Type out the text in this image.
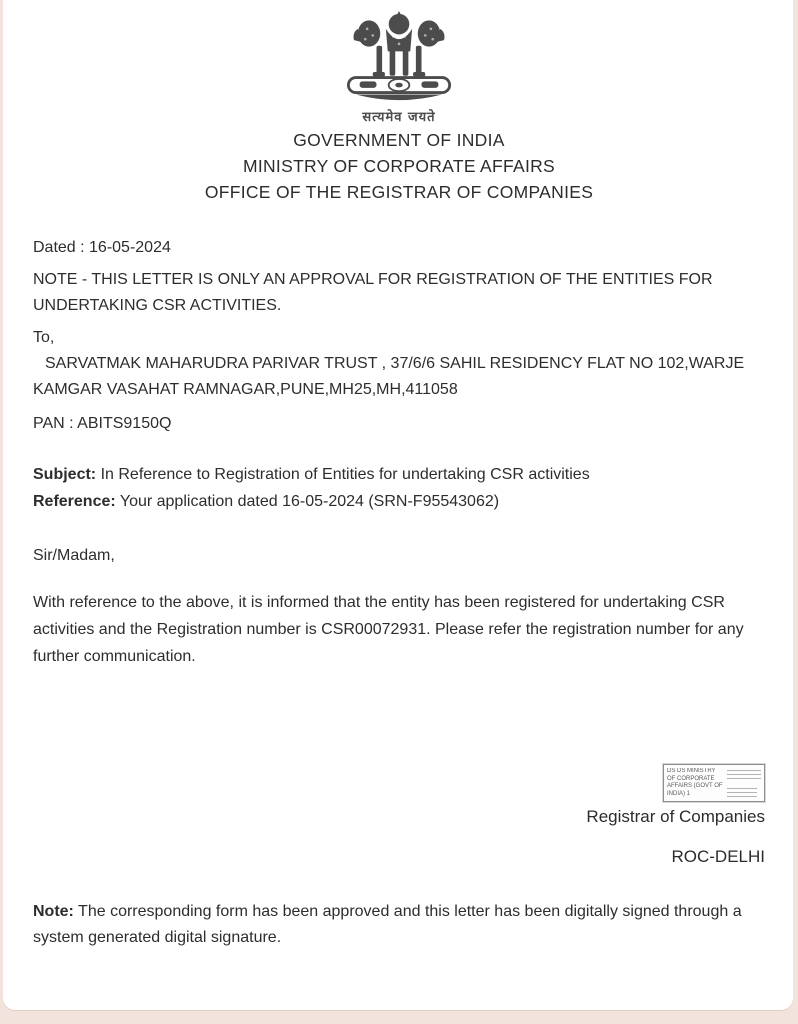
सत्यमेव जयते
GOVERNMENT OF INDIA
MINISTRY OF CORPORATE AFFAIRS
OFFICE OF THE REGISTRAR OF COMPANIES
Dated : 16-05-2024
NOTE - THIS LETTER IS ONLY AN APPROVAL FOR REGISTRATION OF THE ENTITIES FOR UNDERTAKING CSR ACTIVITIES.
To,
SARVATMAK MAHARUDRA PARIVAR TRUST , 37/6/6 SAHIL RESIDENCY FLAT NO 102,WARJE KAMGAR VASAHAT RAMNAGAR,PUNE,MH25,MH,411058
PAN : ABITS9150Q
Subject: In Reference to Registration of Entities for undertaking CSR activities
Reference: Your application dated 16-05-2024 (SRN-F95543062)
Sir/Madam,
With reference to the above, it is informed that the entity has been registered for undertaking CSR activities and the Registration number is CSR00072931. Please refer the registration number for any further communication.
DS DS MINISTRY OF CORPORATE AFFAIRS (GOVT OF INDIA) 1
Registrar of Companies
ROC-DELHI
Note: The corresponding form has been approved and this letter has been digitally signed through a system generated digital signature.
